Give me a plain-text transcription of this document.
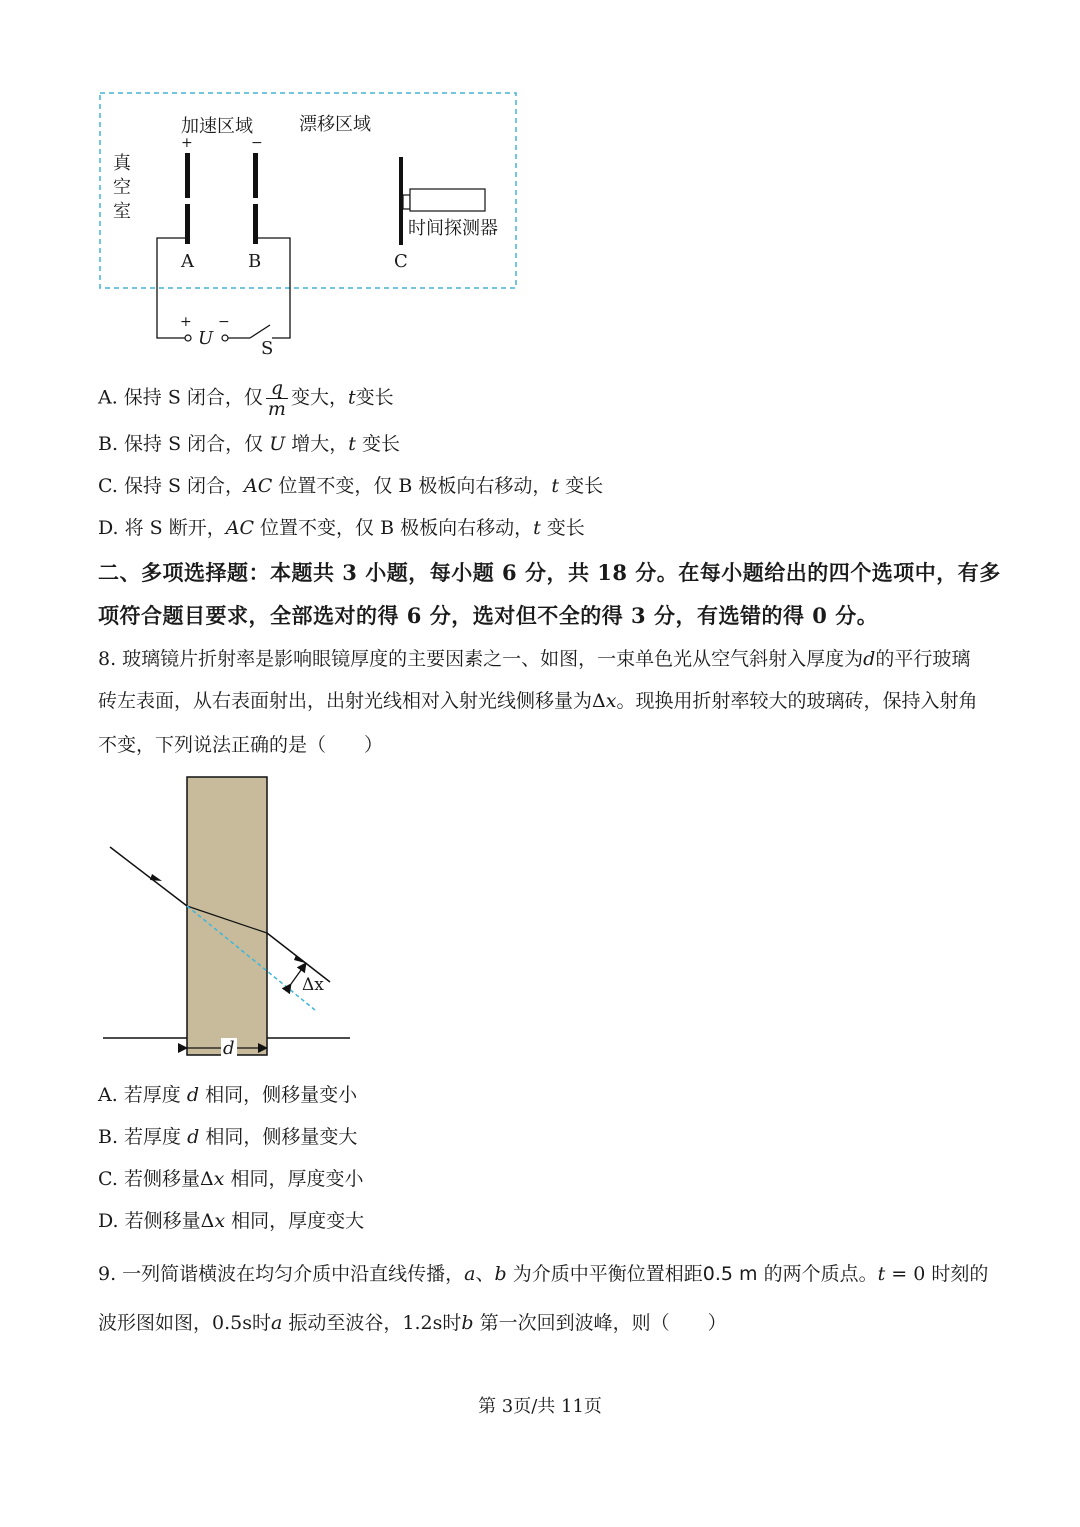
真空室
加速区域	漂移区域
+	−
A	B	C
时间探测器
+ −
U	S
A. 保持 S 闭合，仅 $\frac{q}{m}$ 变大，t变长
B. 保持 S 闭合，仅 U 增大，t 变长
C. 保持 S 闭合，AC 位置不变，仅 B 极板向右移动，t 变长
D. 将 S 断开，AC 位置不变，仅 B 极板向右移动，t 变长
二、多项选择题：本题共 3 小题，每小题 6 分，共 18 分。在每小题给出的四个选项中，有多
项符合题目要求，全部选对的得 6 分，选对但不全的得 3 分，有选错的得 0 分。
8. 玻璃镜片折射率是影响眼镜厚度的主要因素之一、如图，一束单色光从空气斜射入厚度为d的平行玻璃
砖左表面，从右表面射出，出射光线相对入射光线侧移量为Δx。现换用折射率较大的玻璃砖，保持入射角
不变，下列说法正确的是（　　）
Δx
d
A. 若厚度 d 相同，侧移量变小
B. 若厚度 d 相同，侧移量变大
C. 若侧移量Δx 相同，厚度变小
D. 若侧移量Δx 相同，厚度变大
9. 一列简谐横波在均匀介质中沿直线传播，a、b 为介质中平衡位置相距0.5 m 的两个质点。t = 0 时刻的
波形图如图，0.5s时a 振动至波谷，1.2s时b 第一次回到波峰，则（　　）
第 3页/共 11页
